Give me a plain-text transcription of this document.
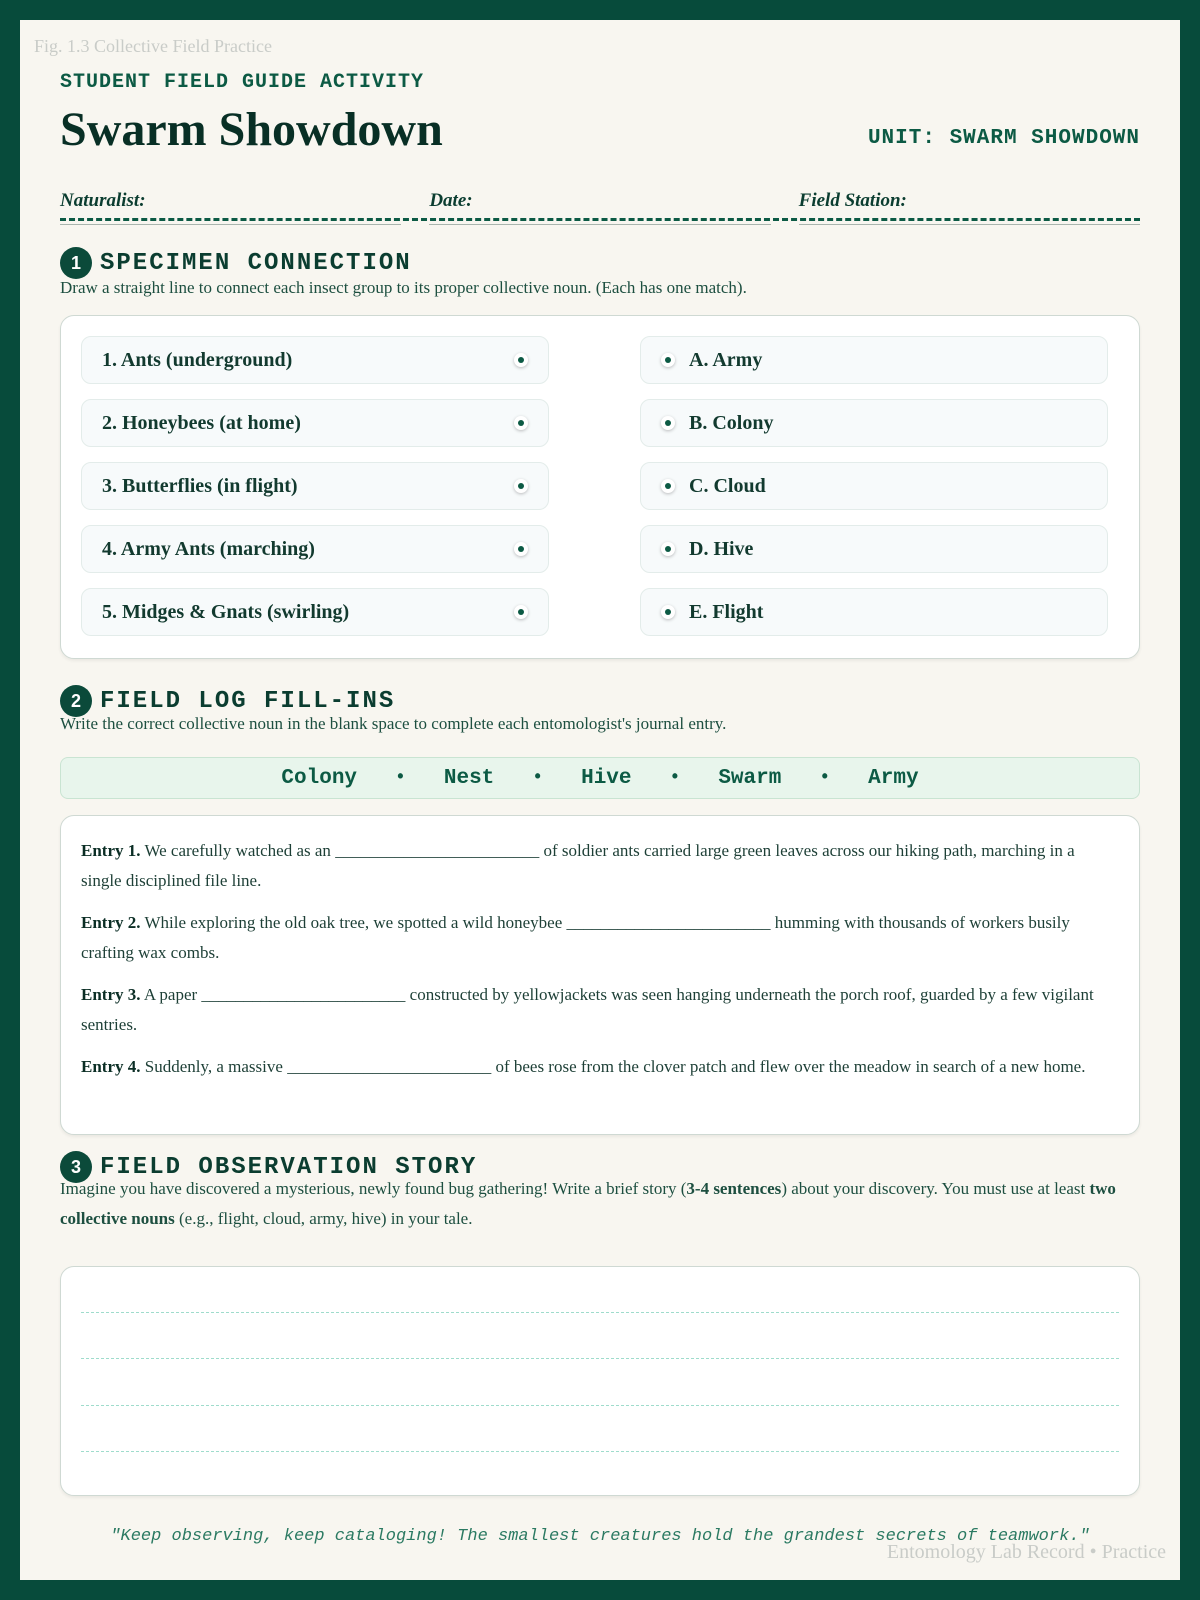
Fig. 1.3 Collective Field Practice
STUDENT FIELD GUIDE ACTIVITY
Swarm Showdown	UNIT: SWARM SHOWDOWN
Naturalist:	Date:	Field Station:
1 SPECIMEN CONNECTION
Draw a straight line to connect each insect group to its proper collective noun. (Each has one match).
1. Ants (underground)
2. Honeybees (at home)
3. Butterflies (in flight)
4. Army Ants (marching)
5. Midges & Gnats (swirling)
A. Army
B. Colony
C. Cloud
D. Hive
E. Flight
2 FIELD LOG FILL-INS
Write the correct collective noun in the blank space to complete each entomologist's journal entry.
Colony	•	Nest	•	Hive	•	Swarm	•	Army

Entry 1. We carefully watched as an ________________________ of soldier ants carried large green leaves across our hiking path, marching in a single disciplined file line.

Entry 2. While exploring the old oak tree, we spotted a wild honeybee ________________________ humming with thousands of workers busily crafting wax combs.

Entry 3. A paper ________________________ constructed by yellowjackets was seen hanging underneath the porch roof, guarded by a few vigilant sentries.

Entry 4. Suddenly, a massive ________________________ of bees rose from the clover patch and flew over the meadow in search of a new home.

3 FIELD OBSERVATION STORY
Imagine you have discovered a mysterious, newly found bug gathering! Write a brief story (3-4 sentences) about your discovery. You must use at least two collective nouns (e.g., flight, cloud, army, hive) in your tale.
"Keep observing, keep cataloging! The smallest creatures hold the grandest secrets of teamwork."
Entomology Lab Record • Practice
